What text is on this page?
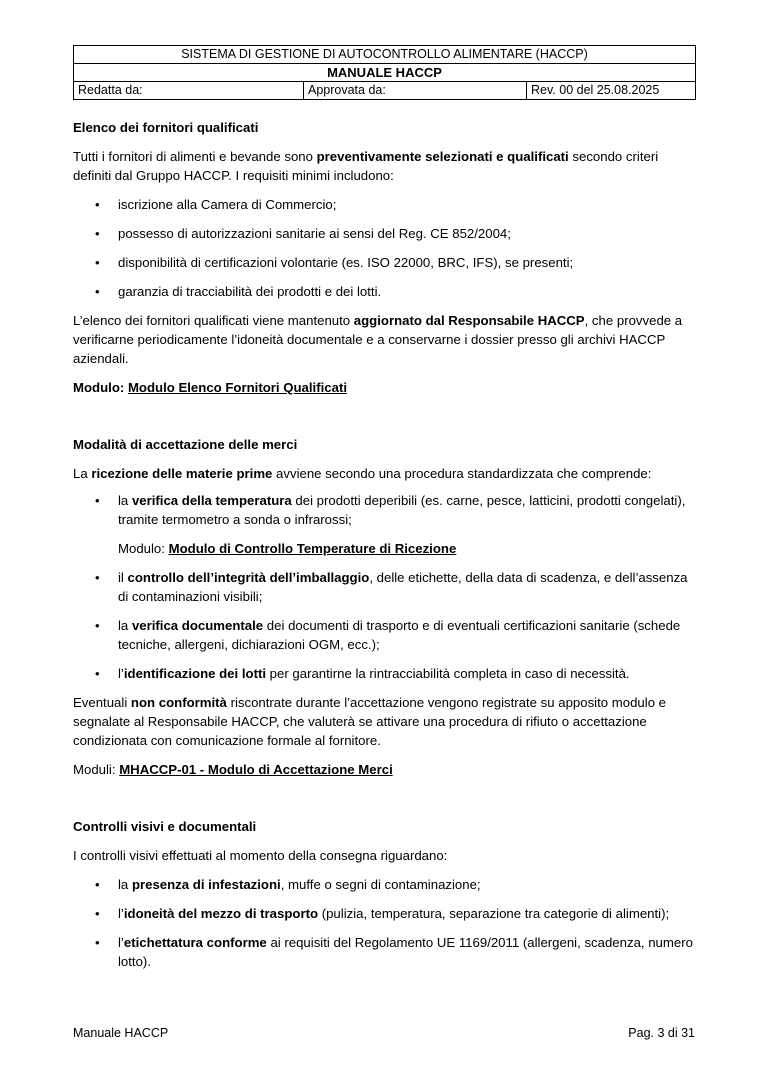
SISTEMA DI GESTIONE DI AUTOCONTROLLO ALIMENTARE (HACCP)
MANUALE HACCP
Redatta da:	Approvata da:	Rev. 00 del 25.08.2025
Elenco dei fornitori qualificati

Tutti i fornitori di alimenti e bevande sono preventivamente selezionati e qualificati secondo criteri definiti dal Gruppo HACCP. I requisiti minimi includono:

• iscrizione alla Camera di Commercio;
• possesso di autorizzazioni sanitarie ai sensi del Reg. CE 852/2004;
• disponibilità di certificazioni volontarie (es. ISO 22000, BRC, IFS), se presenti;
• garanzia di tracciabilità dei prodotti e dei lotti.

L’elenco dei fornitori qualificati viene mantenuto aggiornato dal Responsabile HACCP, che provvede a verificarne periodicamente l’idoneità documentale e a conservarne i dossier presso gli archivi HACCP aziendali.

Modulo: Modulo Elenco Fornitori Qualificati

Modalità di accettazione delle merci

La ricezione delle materie prime avviene secondo una procedura standardizzata che comprende:

• la verifica della temperatura dei prodotti deperibili (es. carne, pesce, latticini, prodotti congelati), tramite termometro a sonda o infrarossi;
Modulo: Modulo di Controllo Temperature di Ricezione
• il controllo dell’integrità dell’imballaggio, delle etichette, della data di scadenza, e dell’assenza di contaminazioni visibili;
• la verifica documentale dei documenti di trasporto e di eventuali certificazioni sanitarie (schede tecniche, allergeni, dichiarazioni OGM, ecc.);
• l’identificazione dei lotti per garantirne la rintracciabilità completa in caso di necessità.

Eventuali non conformità riscontrate durante l’accettazione vengono registrate su apposito modulo e segnalate al Responsabile HACCP, che valuterà se attivare una procedura di rifiuto o accettazione condizionata con comunicazione formale al fornitore.

Moduli: MHACCP-01 - Modulo di Accettazione Merci

Controlli visivi e documentali

I controlli visivi effettuati al momento della consegna riguardano:

• la presenza di infestazioni, muffe o segni di contaminazione;
• l’idoneità del mezzo di trasporto (pulizia, temperatura, separazione tra categorie di alimenti);
• l’etichettatura conforme ai requisiti del Regolamento UE 1169/2011 (allergeni, scadenza, numero lotto).
Manuale HACCP	Pag. 3 di 31
